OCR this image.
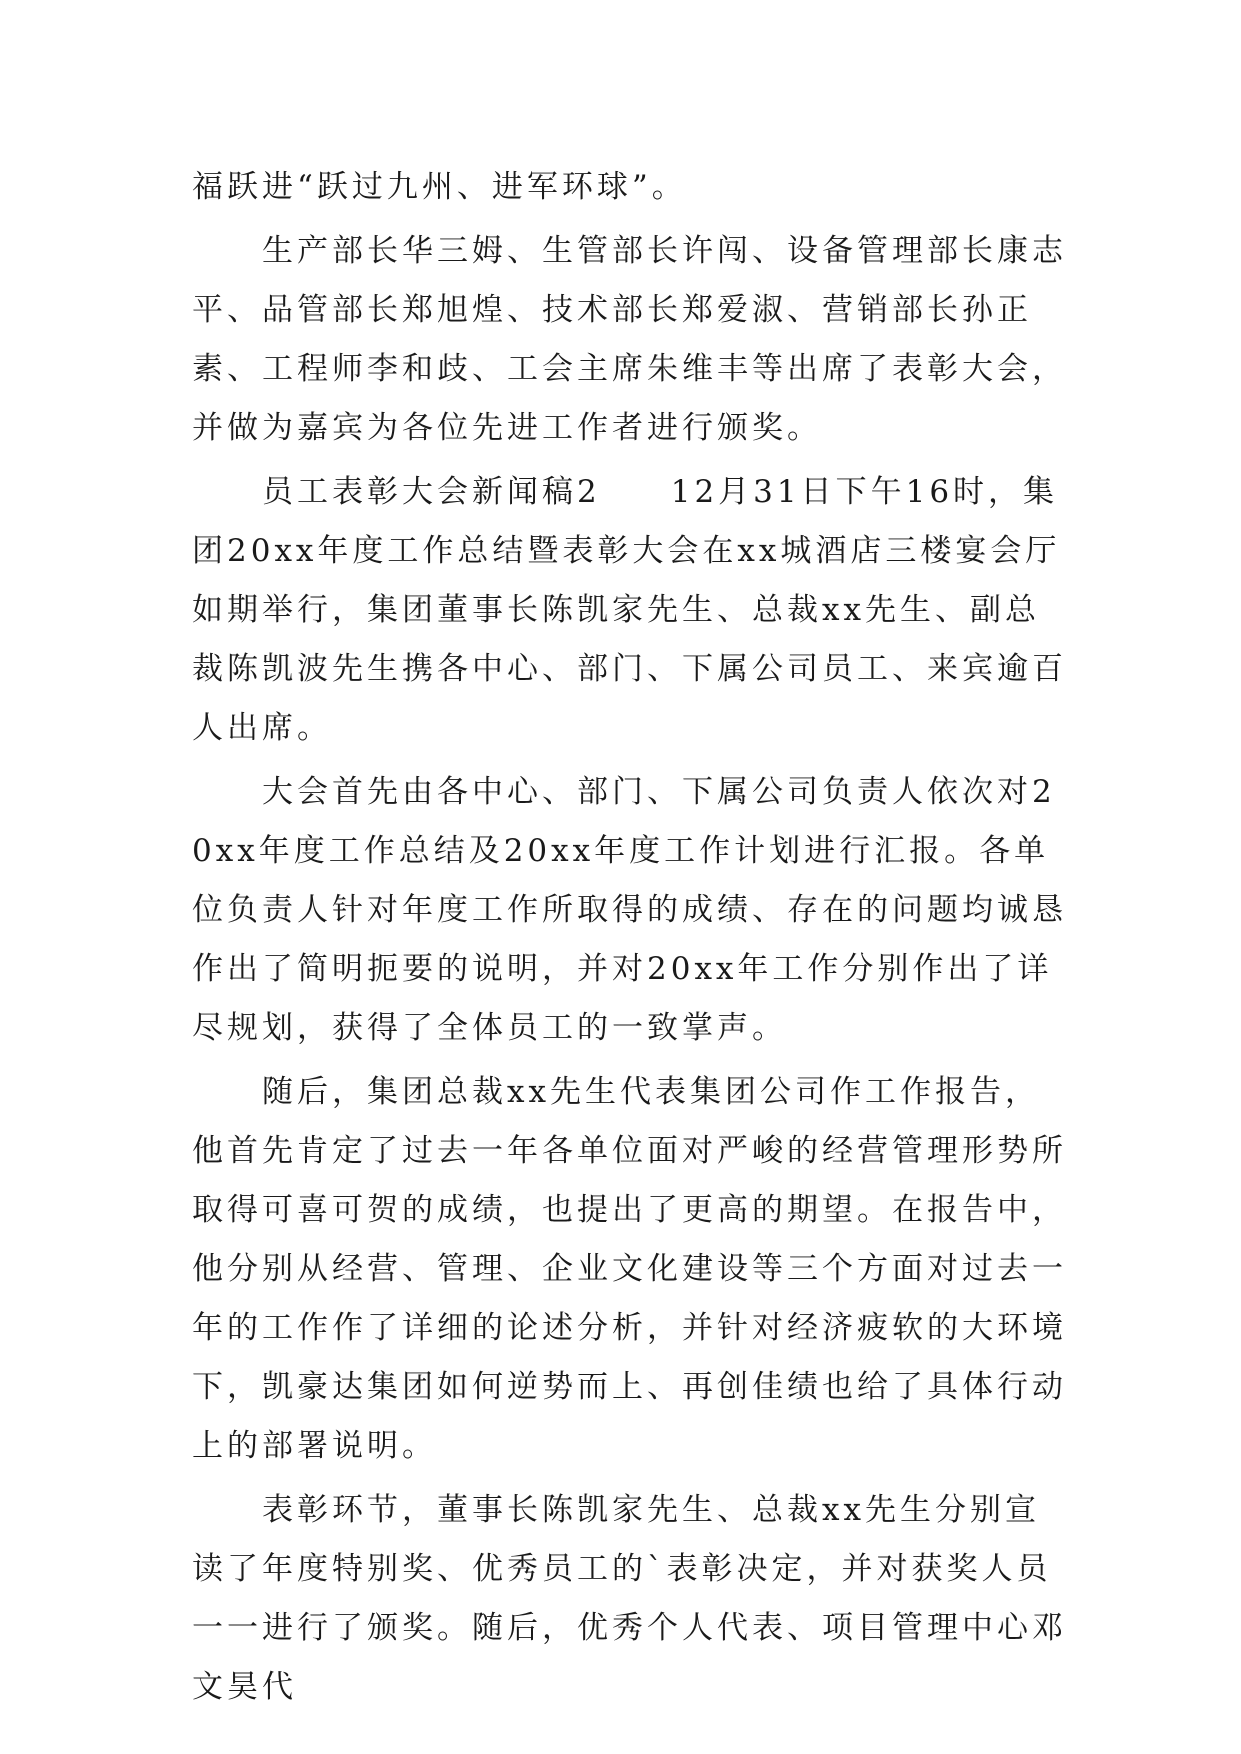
福跃进“跃过九州、进军环球”。

生产部长华三姆、生管部长许闯、设备管理部长康志平、品管部长郑旭煌、技术部长郑爱淑、营销部长孙正素、工程师李和歧、工会主席朱维丰等出席了表彰大会，并做为嘉宾为各位先进工作者进行颁奖。

员工表彰大会新闻稿2　　12月31日下午16时，集团20xx年度工作总结暨表彰大会在xx城酒店三楼宴会厅如期举行，集团董事长陈凯家先生、总裁xx先生、副总裁陈凯波先生携各中心、部门、下属公司员工、来宾逾百人出席。

大会首先由各中心、部门、下属公司负责人依次对20xx年度工作总结及20xx年度工作计划进行汇报。各单位负责人针对年度工作所取得的成绩、存在的问题均诚恳作出了简明扼要的说明，并对20xx年工作分别作出了详尽规划，获得了全体员工的一致掌声。

随后，集团总裁xx先生代表集团公司作工作报告，他首先肯定了过去一年各单位面对严峻的经营管理形势所取得可喜可贺的成绩，也提出了更高的期望。在报告中，他分别从经营、管理、企业文化建设等三个方面对过去一年的工作作了详细的论述分析，并针对经济疲软的大环境下，凯豪达集团如何逆势而上、再创佳绩也给了具体行动上的部署说明。

表彰环节，董事长陈凯家先生、总裁xx先生分别宣读了年度特别奖、优秀员工的`表彰决定，并对获奖人员一一进行了颁奖。随后，优秀个人代表、项目管理中心邓文昊代
